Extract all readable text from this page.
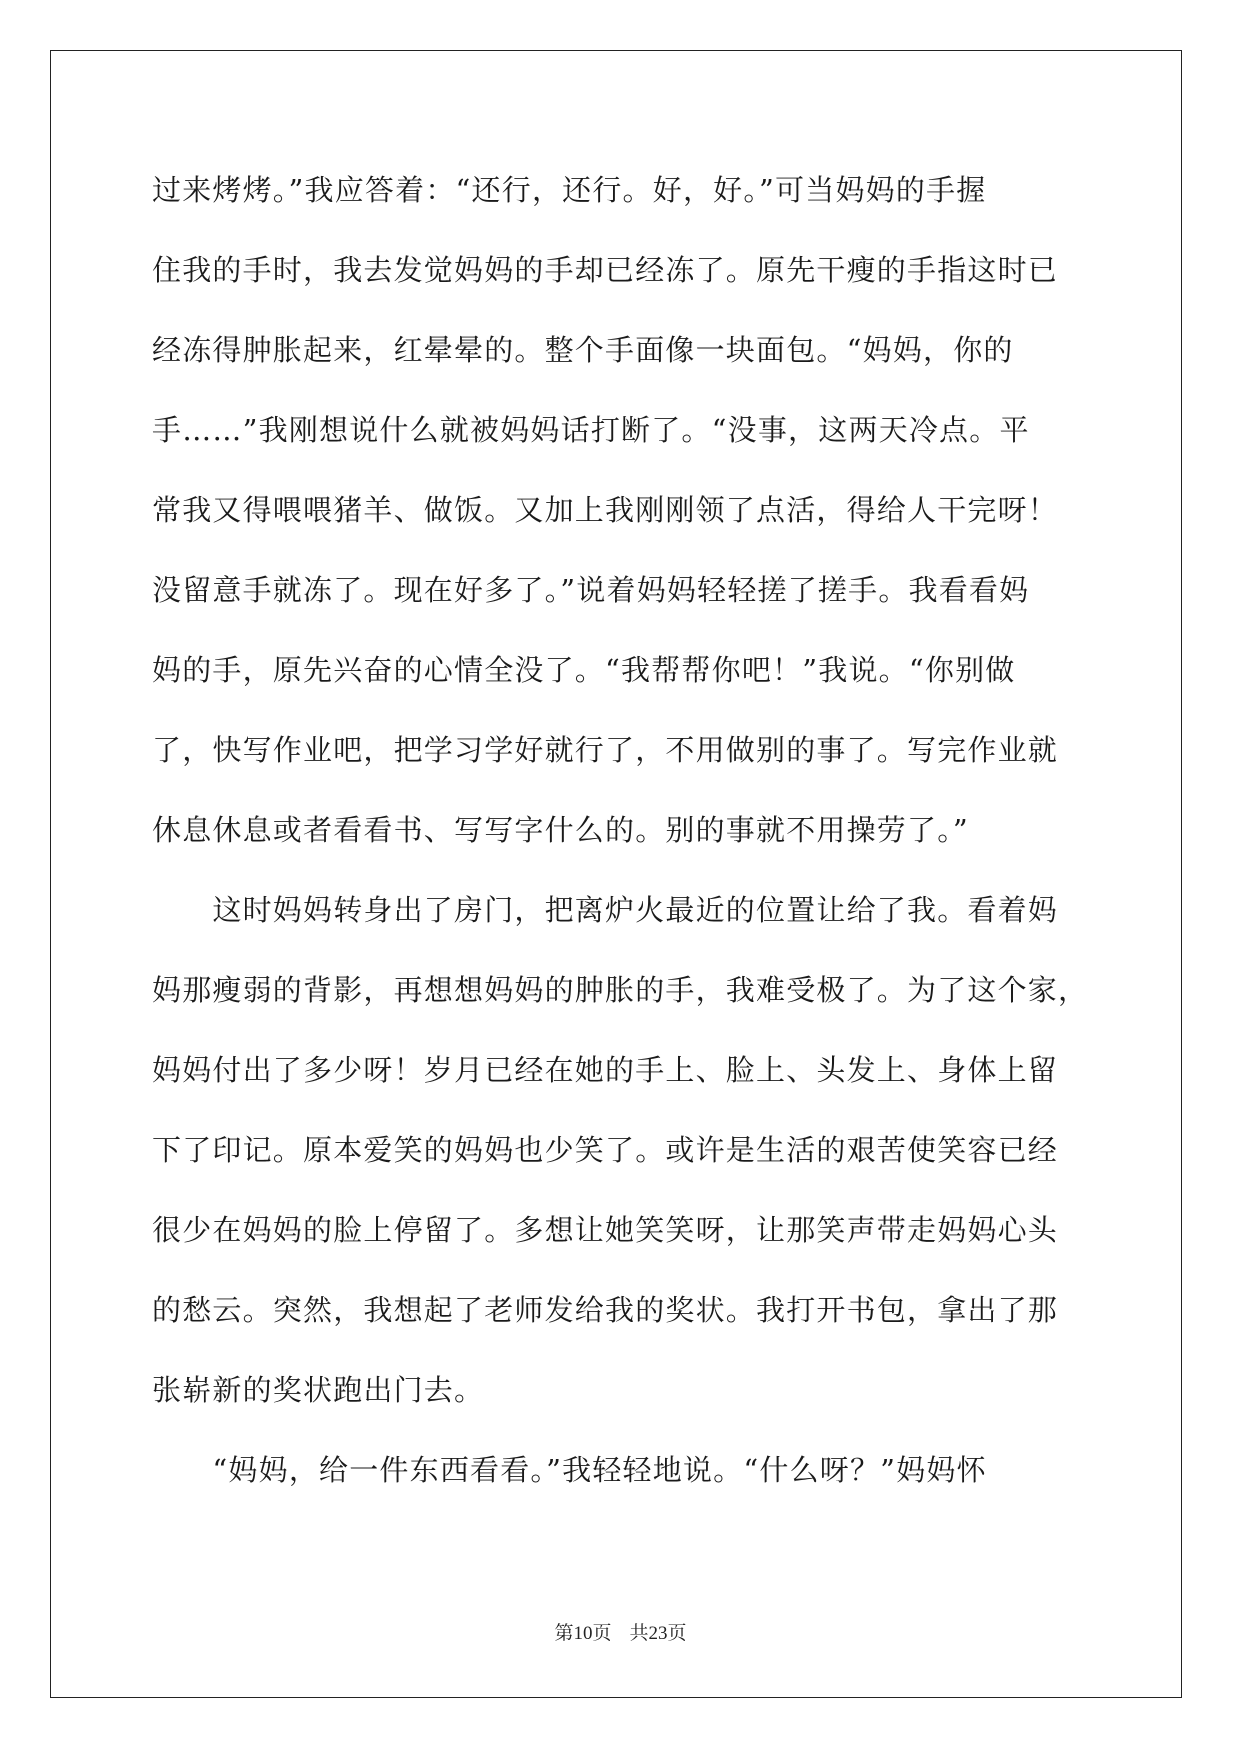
过来烤烤。”我应答着：“还行，还行。好，好。”可当妈妈的手握
住我的手时，我去发觉妈妈的手却已经冻了。原先干瘦的手指这时已
经冻得肿胀起来，红晕晕的。整个手面像一块面包。“妈妈，你的
手……”我刚想说什么就被妈妈话打断了。“没事，这两天冷点。平
常我又得喂喂猪羊、做饭。又加上我刚刚领了点活，得给人干完呀！
没留意手就冻了。现在好多了。”说着妈妈轻轻搓了搓手。我看看妈
妈的手，原先兴奋的心情全没了。“我帮帮你吧！”我说。“你别做
了，快写作业吧，把学习学好就行了，不用做别的事了。写完作业就
休息休息或者看看书、写写字什么的。别的事就不用操劳了。”
　　这时妈妈转身出了房门，把离炉火最近的位置让给了我。看着妈
妈那瘦弱的背影，再想想妈妈的肿胀的手，我难受极了。为了这个家，
妈妈付出了多少呀！岁月已经在她的手上、脸上、头发上、身体上留
下了印记。原本爱笑的妈妈也少笑了。或许是生活的艰苦使笑容已经
很少在妈妈的脸上停留了。多想让她笑笑呀，让那笑声带走妈妈心头
的愁云。突然，我想起了老师发给我的奖状。我打开书包，拿出了那
张崭新的奖状跑出门去。
　　“妈妈，给一件东西看看。”我轻轻地说。“什么呀？”妈妈怀
第10页 共23页
